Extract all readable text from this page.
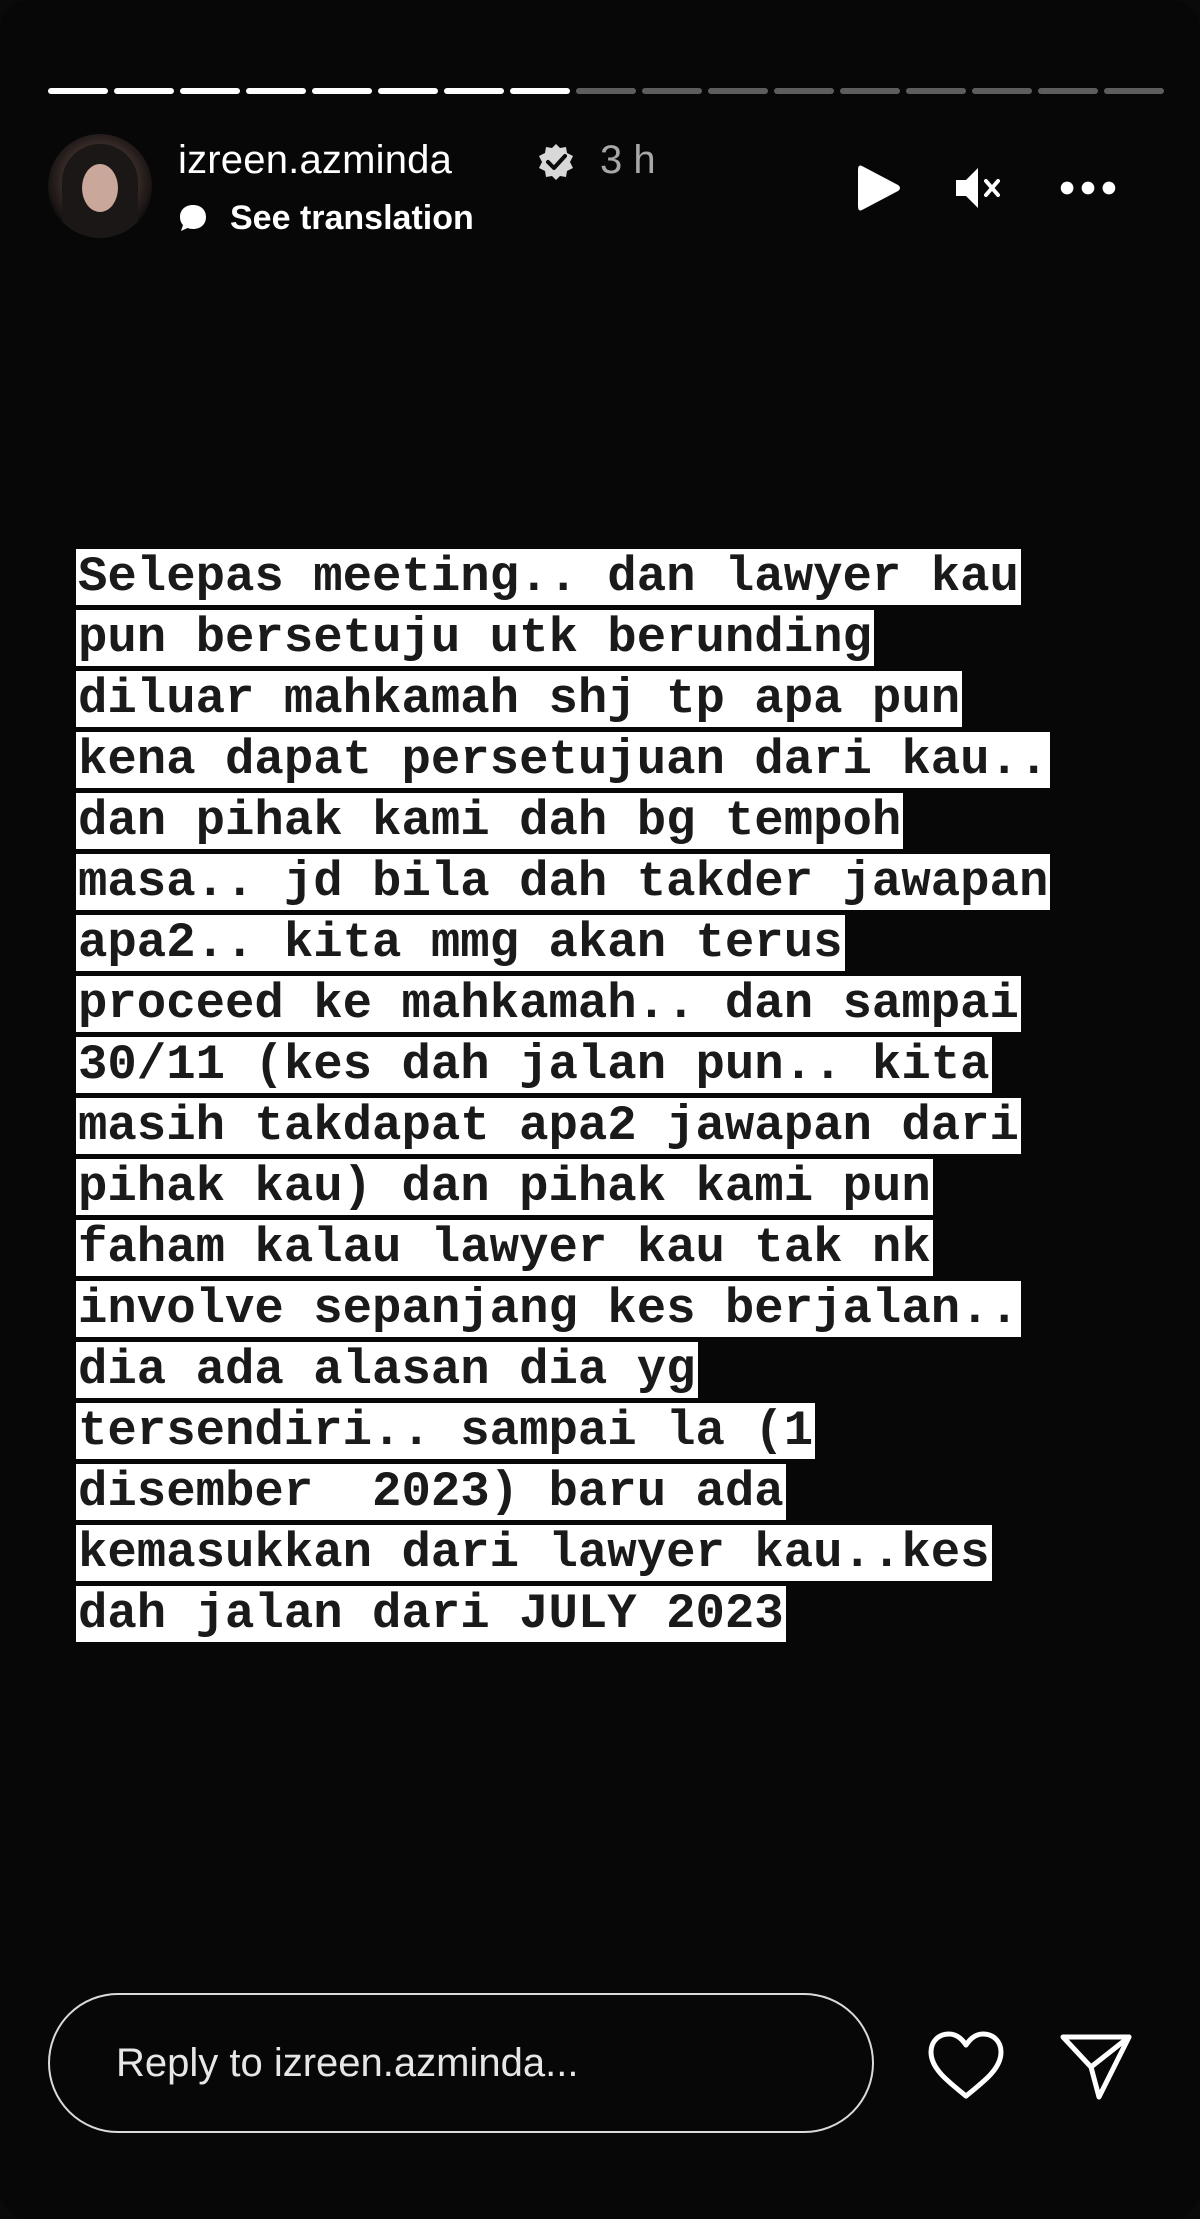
izreen.azminda	3 h
See translation
Selepas meeting.. dan lawyer kau
pun bersetuju utk berunding
diluar mahkamah shj tp apa pun
kena dapat persetujuan dari kau..
dan pihak kami dah bg tempoh
masa.. jd bila dah takder jawapan
apa2.. kita mmg akan terus
proceed ke mahkamah.. dan sampai
30/11 (kes dah jalan pun.. kita
masih takdapat apa2 jawapan dari
pihak kau) dan pihak kami pun
faham kalau lawyer kau tak nk
involve sepanjang kes berjalan..
dia ada alasan dia yg
tersendiri.. sampai la (1
disember  2023) baru ada
kemasukkan dari lawyer kau..kes
dah jalan dari JULY 2023
Reply to izreen.azminda...
